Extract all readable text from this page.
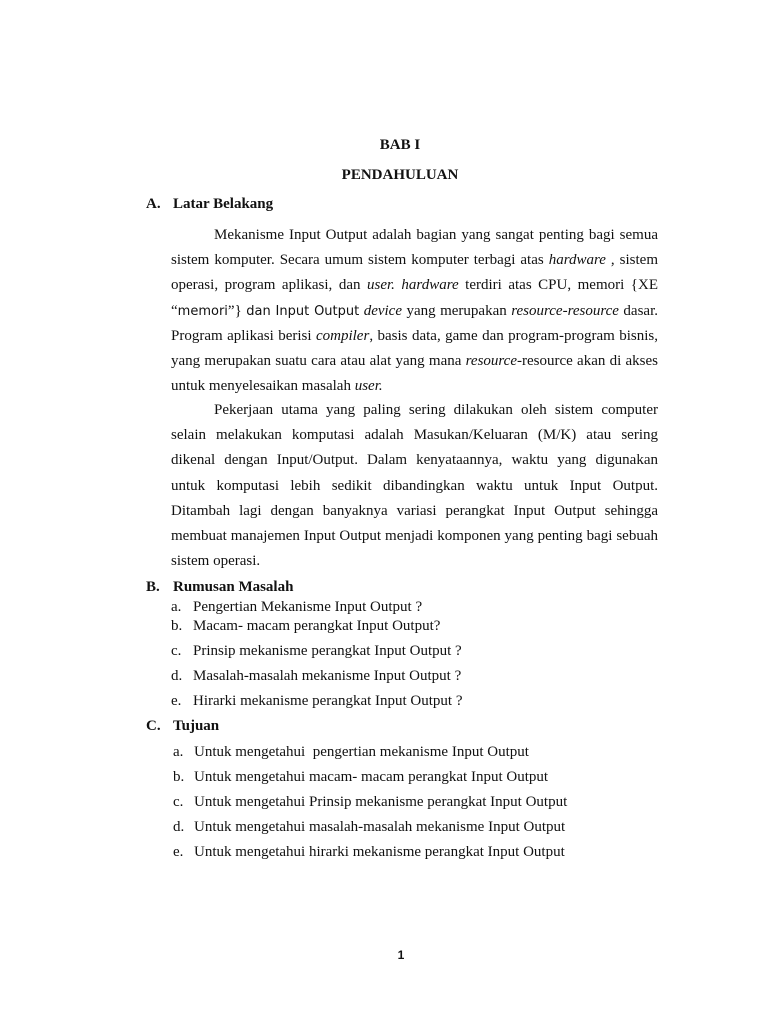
BAB I
PENDAHULUAN
A. Latar Belakang

Mekanisme Input Output adalah bagian yang sangat penting bagi semua sistem komputer. Secara umum sistem komputer terbagi atas hardware , sistem operasi, program aplikasi, dan user. hardware terdiri atas CPU, memori {XE “memori”} dan Input Output device yang merupakan resource-resource dasar. Program aplikasi berisi compiler, basis data, game dan program-program bisnis, yang merupakan suatu cara atau alat yang mana resource-resource akan di akses untuk menyelesaikan masalah user.

Pekerjaan utama yang paling sering dilakukan oleh sistem computer selain melakukan komputasi adalah Masukan/Keluaran (M/K) atau sering dikenal dengan Input/Output. Dalam kenyataannya, waktu yang digunakan untuk komputasi lebih sedikit dibandingkan waktu untuk Input Output. Ditambah lagi dengan banyaknya variasi perangkat Input Output sehingga membuat manajemen Input Output menjadi komponen yang penting bagi sebuah sistem operasi.

B. Rumusan Masalah
a. Pengertian Mekanisme Input Output ?
b. Macam- macam perangkat Input Output?
c. Prinsip mekanisme perangkat Input Output ?
d. Masalah-masalah mekanisme Input Output ?
e. Hirarki mekanisme perangkat Input Output ?
C. Tujuan
a. Untuk mengetahui  pengertian mekanisme Input Output
b. Untuk mengetahui macam- macam perangkat Input Output
c. Untuk mengetahui Prinsip mekanisme perangkat Input Output
d. Untuk mengetahui masalah-masalah mekanisme Input Output
e. Untuk mengetahui hirarki mekanisme perangkat Input Output
1
